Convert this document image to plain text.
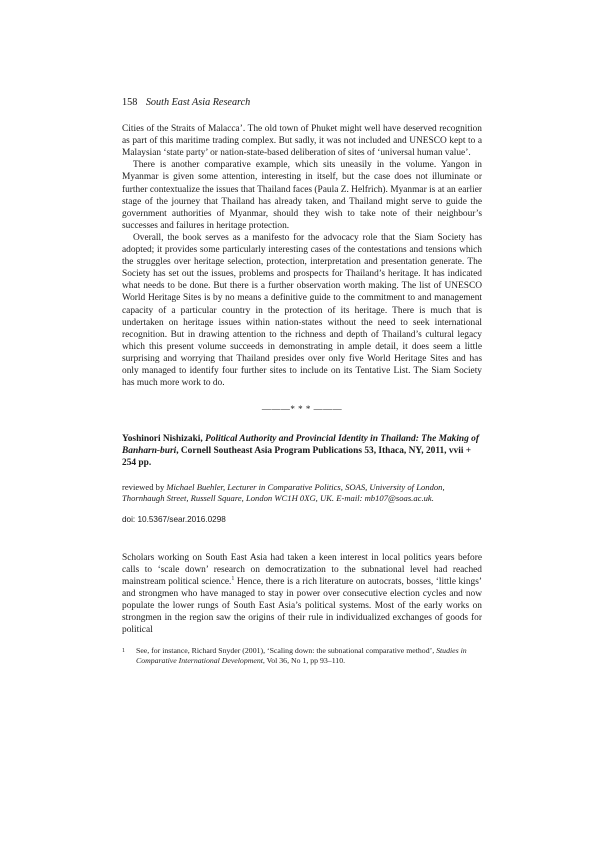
158 South East Asia Research

Cities of the Straits of Malacca’. The old town of Phuket might well have deserved recognition as part of this maritime trading complex. But sadly, it was not included and UNESCO kept to a Malaysian ‘state party’ or nation-state-based deliberation of sites of ‘universal human value’.

There is another comparative example, which sits uneasily in the volume. Yangon in Myanmar is given some attention, interesting in itself, but the case does not illuminate or further contextualize the issues that Thailand faces (Paula Z. Helfrich). Myanmar is at an earlier stage of the journey that Thailand has already taken, and Thailand might serve to guide the government authorities of Myanmar, should they wish to take note of their neighbour’s successes and failures in heritage protection.

Overall, the book serves as a manifesto for the advocacy role that the Siam Society has adopted; it provides some particularly interesting cases of the contestations and tensions which the struggles over heritage selection, protection, interpretation and presentation generate. The Society has set out the issues, problems and prospects for Thailand’s heritage. It has indicated what needs to be done. But there is a further observation worth making. The list of UNESCO World Heritage Sites is by no means a definitive guide to the commitment to and management capacity of a particular country in the protection of its heritage. There is much that is undertaken on heritage issues within nation-states without the need to seek international recognition. But in drawing attention to the richness and depth of Thailand’s cultural legacy which this present volume succeeds in demonstrating in ample detail, it does seem a little surprising and worrying that Thailand presides over only five World Heritage Sites and has only managed to identify four further sites to include on its Tentative List. The Siam Society has much more work to do.

———* * * ———
Yoshinori Nishizaki, Political Authority and Provincial Identity in Thailand: The Making of Banharn-buri, Cornell Southeast Asia Program Publications 53, Ithaca, NY, 2011, vvii + 254 pp.
reviewed by Michael Buehler, Lecturer in Comparative Politics, SOAS, University of London, Thornhaugh Street, Russell Square, London WC1H 0XG, UK. E-mail: mb107@soas.ac.uk.
doi: 10.5367/sear.2016.0298

Scholars working on South East Asia had taken a keen interest in local politics years before calls to ‘scale down’ research on democratization to the subnational level had reached mainstream political science.$^1$ Hence, there is a rich literature on autocrats, bosses, ‘little kings’ and strongmen who have managed to stay in power over consecutive election cycles and now populate the lower rungs of South East Asia’s political systems. Most of the early works on strongmen in the region saw the origins of their rule in individualized exchanges of goods for political

1	See, for instance, Richard Snyder (2001), ‘Scaling down: the subnational comparative method’, Studies in Comparative International Development, Vol 36, No 1, pp 93–110.
